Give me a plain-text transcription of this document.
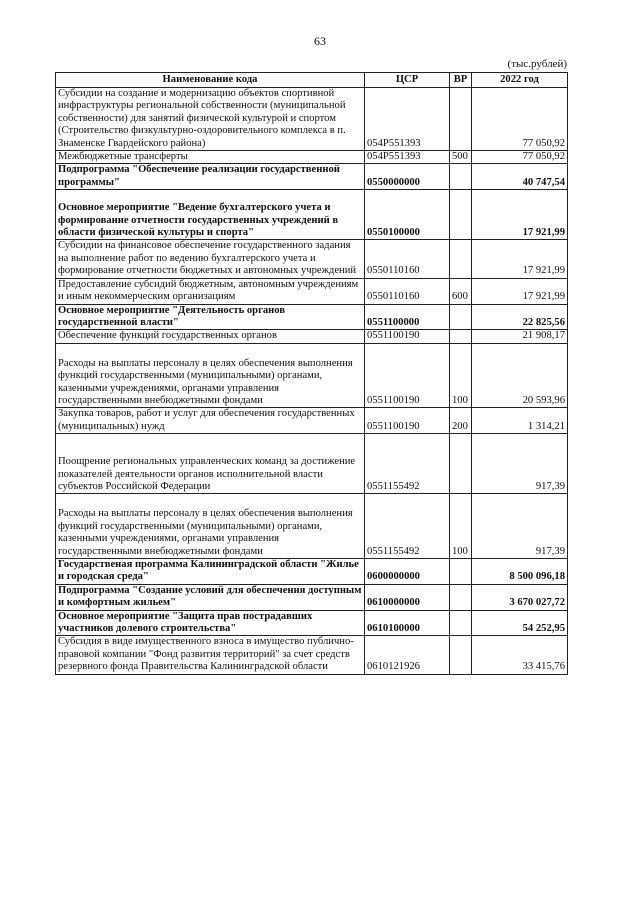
63
(тыс.рублей)
Наименование кода	ЦСР	ВР	2022 год
Субсидии на создание и модернизацию объектов спортивной инфраструктуры региональной собственности (муниципальной собственности) для занятий физической культурой и спортом (Строительство физкультурно-оздоровительного комплекса в п. Знаменске Гвардейского района)	054P551393		77 050,92
Межбюджетные трансферты	054P551393	500	77 050,92
Подпрограмма "Обеспечение реализации государственной программы"	0550000000		40 747,54
Основное мероприятие "Ведение бухгалтерского учета и формирование отчетности государственных учреждений в области физической культуры и спорта"	0550100000		17 921,99
Субсидии на финансовое обеспечение государственного задания на выполнение работ по ведению бухгалтерского учета и формирование отчетности бюджетных и автономных учреждений	0550110160		17 921,99
Предоставление субсидий бюджетным, автономным учреждениям и иным некоммерческим организациям	0550110160	600	17 921,99
Основное мероприятие "Деятельность органов государственной власти"	0551100000		22 825,56
Обеспечение функций государственных органов	0551100190		21 908,17
Расходы на выплаты персоналу в целях обеспечения выполнения функций государственными (муниципальными) органами, казенными учреждениями, органами управления государственными внебюджетными фондами	0551100190	100	20 593,96
Закупка товаров, работ и услуг для обеспечения государственных (муниципальных) нужд	0551100190	200	1 314,21
Поощрение региональных управленческих команд за достижение показателей деятельности органов исполнительной власти субъектов Российской Федерации	0551155492		917,39
Расходы на выплаты персоналу в целях обеспечения выполнения функций государственными (муниципальными) органами, казенными учреждениями, органами управления государственными внебюджетными фондами	0551155492	100	917,39
Государственая программа Калининградской области "Жилье и городская среда"	0600000000		8 500 096,18
Подпрограмма "Создание условий для обеспечения доступным и комфортным жильем"	0610000000		3 670 027,72
Основное мероприятие "Защита прав пострадавших участников долевого строительства"	0610100000		54 252,95
Субсидия в виде имущественного взноса в имущество публично-правовой компании "Фонд развития территорий" за счет средств резервного фонда Правительства Калининградской области	0610121926		33 415,76
